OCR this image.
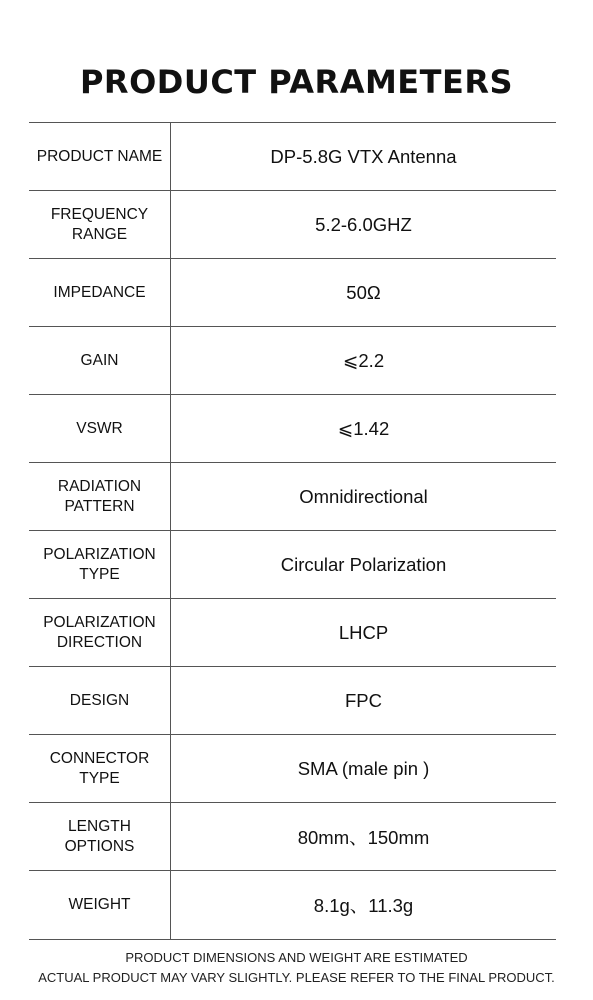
PRODUCT PARAMETERS
PRODUCT NAME	DP-5.8G VTX Antenna
FREQUENCY
RANGE	5.2-6.0GHZ
IMPEDANCE	50Ω
GAIN	⩽2.2
VSWR	⩽1.42
RADIATION
PATTERN	Omnidirectional
POLARIZATION
TYPE	Circular Polarization
POLARIZATION
DIRECTION	LHCP
DESIGN	FPC
CONNECTOR
TYPE	SMA (male pin )
LENGTH
OPTIONS	80mm、150mm
WEIGHT	8.1g、11.3g
PRODUCT DIMENSIONS AND WEIGHT ARE ESTIMATED
ACTUAL PRODUCT MAY VARY SLIGHTLY. PLEASE REFER TO THE FINAL PRODUCT.
